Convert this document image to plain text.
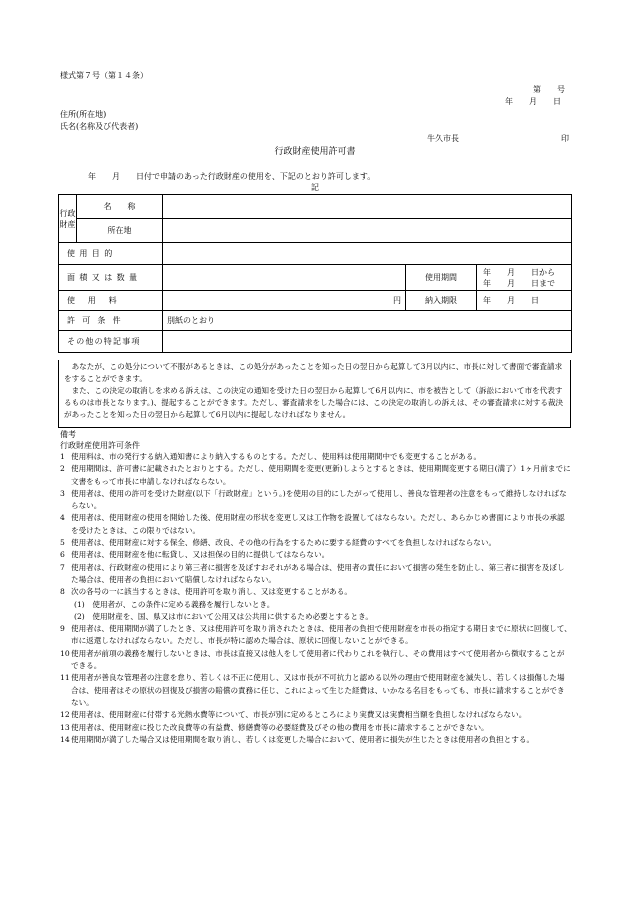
様式第７号（第１４条）
第　　号
年　　月　　日
住所(所在地)
氏名(名称及び代表者)
牛久市長	印
行政財産使用許可書
年　　月　　日付で申請のあった行政財産の使用を、下記のとおり許可します。
記
行政財産	名　　称			
	所在地			
使用目的				
面積又は数量			使用期間	年　　月　　日から
年　　月　　日まで

使用料		円	納入期限	年　　月　　日
許可条件		別紙のとおり		
その他の特記事項				

あなたが、この処分について不服があるときは、この処分があったことを知った日の翌日から起算して3月以内に、市長に対して書面で審査請求をすることができます。

また、この決定の取消しを求める訴えは、この決定の通知を受けた日の翌日から起算して6月以内に、市を被告として（訴訟において市を代表するものは市長となります。)、提起することができます。ただし、審査請求をした場合には、この決定の取消しの訴えは、その審査請求に対する裁決があったことを知った日の翌日から起算して6月以内に提起しなければなりません。

備考
行政財産使用許可条件

1 使用料は、市の発行する納入通知書により納入するものとする。ただし、使用料は使用期間中でも変更することがある。

2 使用期間は、許可書に記載されたとおりとする。ただし、使用期間を変更(更新)しようとするときは、使用期間変更する期日(満了）1ヶ月前までに文書をもって市長に申請しなければならない。

3 使用者は、使用の許可を受けた財産(以下「行政財産」という。)を使用の目的にしたがって使用し、善良な管理者の注意をもって維持しなければならない。

4 使用者は、使用財産の使用を開始した後、使用財産の形状を変更し又は工作物を設置してはならない。ただし、あらかじめ書面により市長の承認を受けたときは、この限りではない。

5 使用者は、使用財産に対する保全、修繕、改良、その他の行為をするために要する経費のすべてを負担しなければならない。

6 使用者は、使用財産を他に転貸し、又は担保の目的に提供してはならない。

7 使用者は、行政財産の使用により第三者に損害を及ぼすおそれがある場合は、使用者の責任において損害の発生を防止し、第三者に損害を及ぼした場合は、使用者の負担において賠償しなければならない。

8 次の各号の一に該当するときは、使用許可を取り消し、又は変更することがある。

(1)　使用者が、この条件に定める義務を履行しないとき。

(2)　使用財産を、国、県又は市において公用又は公共用に供するため必要とするとき。

9 使用者は、使用期間が満了したとき、又は使用許可を取り消されたときは、使用者の負担で使用財産を市長の指定する期日までに原状に回復して、市に返還しなければならない。ただし、市長が特に認めた場合は、原状に回復しないことができる。

10 使用者が前項の義務を履行しないときは、市長は直接又は他人をして使用者に代わりこれを執行し、その費用はすべて使用者から徴収することができる。

11 使用者が善良な管理者の注意を怠り、若しくは不正に使用し、又は市長が不可抗力と認める以外の理由で使用財産を滅失し、若しくは損傷した場合は、使用者はその原状の回復及び損害の賠償の責務に任じ、これによって生じた経費は、いかなる名目をもっても、市長に請求することができない。

12 使用者は、使用財産に付帯する光熱水費等について、市長が別に定めるところにより実費又は実費相当額を負担しなければならない。

13 使用者は、使用財産に投じた改良費等の有益費、修繕費等の必要経費及びその他の費用を市長に請求することができない。

14 使用期間が満了した場合又は使用期間を取り消し、若しくは変更した場合において、使用者に損失が生じたときは使用者の負担とする。
